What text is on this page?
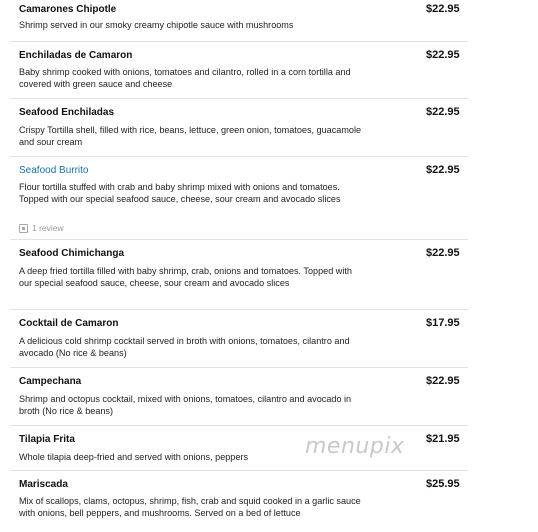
Camarones Chipotle	$22.95
Shrimp served in our smoky creamy chipotle sauce with mushrooms
Enchiladas de Camaron	$22.95
Baby shrimp cooked with onions, tomatoes and cilantro, rolled in a corn tortilla and covered with green sauce and cheese
Seafood Enchiladas	$22.95
Crispy Tortilla shell, filled with rice, beans, lettuce, green onion, tomatoes, guacamole and sour cream
Seafood Burrito	$22.95
Flour tortilla stuffed with crab and baby shrimp mixed with onions and tomatoes. Topped with our special seafood sauce, cheese, sour cream and avocado slices
1 review
Seafood Chimichanga	$22.95
A deep fried tortilla filled with baby shrimp, crab, onions and tomatoes. Topped with our special seafood sauce, cheese, sour cream and avocado slices
Cocktail de Camaron	$17.95
A delicious cold shrimp cocktail served in broth with onions, tomatoes, cilantro and avocado (No rice & beans)
Campechana	$22.95
Shrimp and octopus cocktail, mixed with onions, tomatoes, cilantro and avocado in broth (No rice & beans)
Tilapia Frita	$21.95
Whole tilapia deep-fried and served with onions, peppers
Mariscada	$25.95
Mix of scallops, clams, octopus, shrimp, fish, crab and squid cooked in a garlic sauce with onions, bell peppers, and mushrooms. Served on a bed of lettuce
menupix
